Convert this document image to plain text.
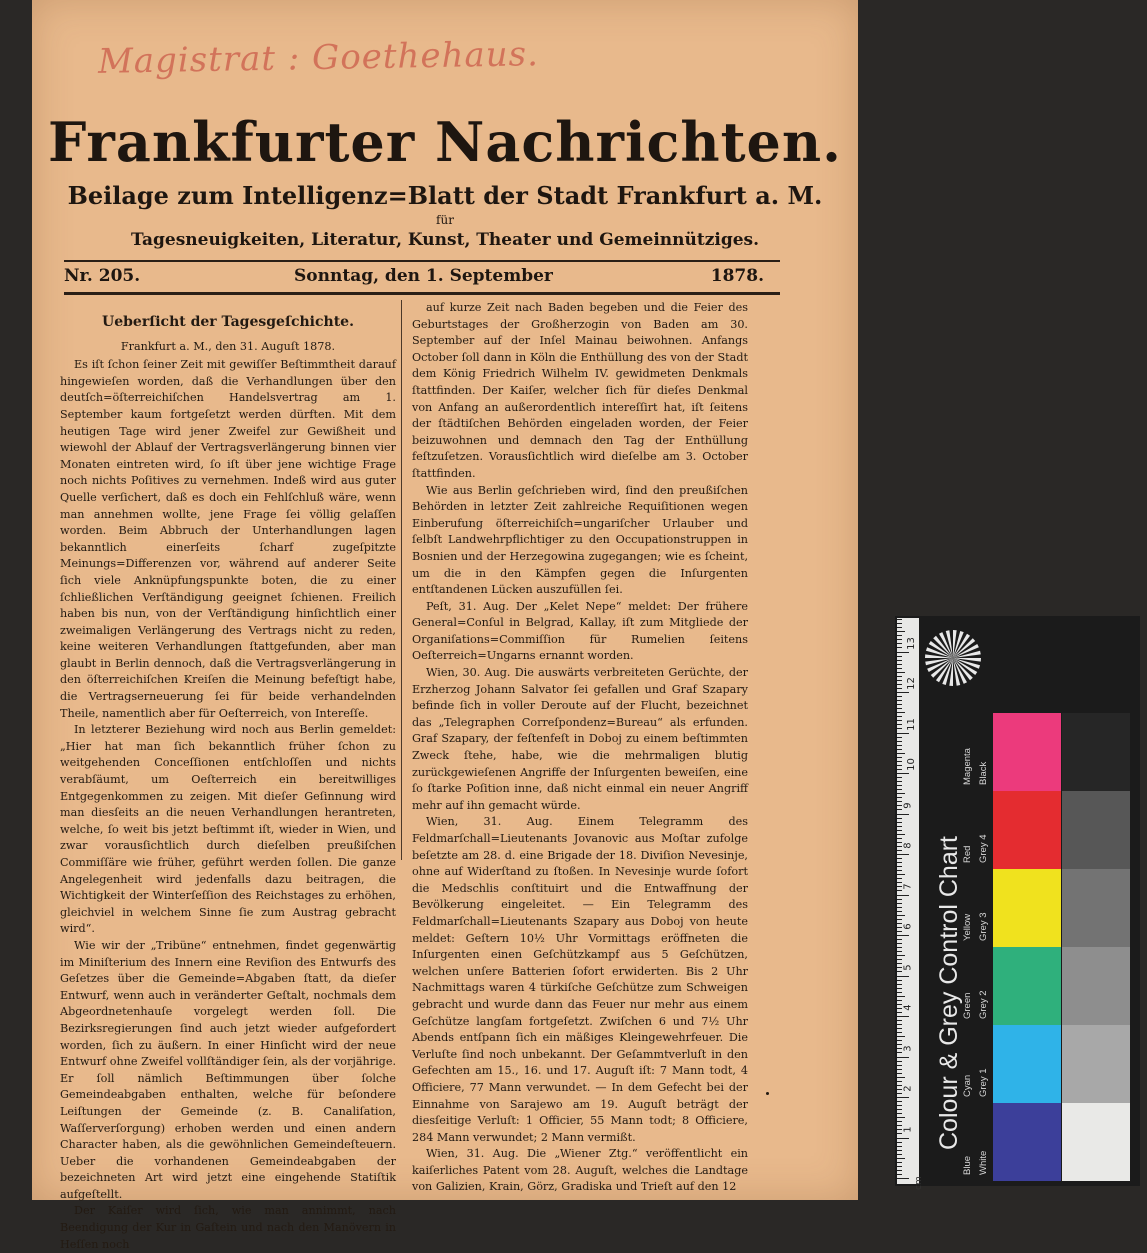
Magistrat : Goethehaus.
Frankfurter Nachrichten.
Beilage zum Intelligenz=Blatt der Stadt Frankfurt a. M.
für
Tagesneuigkeiten, Literatur, Kunst, Theater und Gemeinnütziges.
Nr. 205.	Sonntag, den 1. September	1878.

Ueberſicht der Tagesgeſchichte.

Frankfurt a. M., den 31. Auguſt 1878.

Es iſt ſchon ſeiner Zeit mit gewiſſer Beſtimmtheit darauf hingewieſen worden, daß die Verhandlungen über den deutſch=öſterreichiſchen Handelsvertrag am 1. September kaum fortgeſetzt werden dürften. Mit dem heutigen Tage wird jener Zweifel zur Gewißheit und wiewohl der Ablauf der Vertragsverlängerung binnen vier Monaten eintreten wird, ſo iſt über jene wichtige Frage noch nichts Poſitives zu vernehmen. Indeß wird aus guter Quelle verſichert, daß es doch ein Fehlſchluß wäre, wenn man annehmen wollte, jene Frage ſei völlig gelaſſen worden. Beim Abbruch der Unterhandlungen lagen bekanntlich einerſeits ſcharf zugeſpitzte Meinungs=Differenzen vor, während auf anderer Seite ſich viele Anknüpfungspunkte boten, die zu einer ſchließlichen Verſtändigung geeignet ſchienen. Freilich haben bis nun, von der Verſtändigung hinſichtlich einer zweimaligen Verlängerung des Vertrags nicht zu reden, keine weiteren Verhandlungen ſtattgefunden, aber man glaubt in Berlin dennoch, daß die Vertragsverlängerung in den öſterreichiſchen Kreiſen die Meinung befeſtigt habe, die Vertragserneuerung ſei für beide verhandelnden Theile, namentlich aber für Oeſterreich, von Intereſſe.

In letzterer Beziehung wird noch aus Berlin gemeldet: „Hier hat man ſich bekanntlich früher ſchon zu weitgehenden Conceſſionen entſchloſſen und nichts verabſäumt, um Oeſterreich ein bereitwilliges Entgegenkommen zu zeigen. Mit dieſer Geſinnung wird man diesſeits an die neuen Verhandlungen herantreten, welche, ſo weit bis jetzt beſtimmt iſt, wieder in Wien, und zwar vorausſichtlich durch dieſelben preußiſchen Commiſſäre wie früher, geführt werden ſollen. Die ganze Angelegenheit wird jedenfalls dazu beitragen, die Wichtigkeit der Winterſeſſion des Reichstages zu erhöhen, gleichviel in welchem Sinne ſie zum Austrag gebracht wird“.

Wie wir der „Tribüne“ entnehmen, findet gegenwärtig im Miniſterium des Innern eine Reviſion des Entwurfs des Geſetzes über die Gemeinde=Abgaben ſtatt, da dieſer Entwurf, wenn auch in veränderter Geſtalt, nochmals dem Abgeordnetenhauſe vorgelegt werden ſoll. Die Bezirksregierungen ſind auch jetzt wieder aufgefordert worden, ſich zu äußern. In einer Hinſicht wird der neue Entwurf ohne Zweifel vollſtändiger ſein, als der vorjährige. Er ſoll nämlich Beſtimmungen über ſolche Gemeindeabgaben enthalten, welche für beſondere Leiſtungen der Gemeinde (z. B. Canaliſation, Waſſerverſorgung) erhoben werden und einen andern Character haben, als die gewöhnlichen Gemeindeſteuern. Ueber die vorhandenen Gemeindeabgaben der bezeichneten Art wird jetzt eine eingehende Statiſtik aufgeſtellt.

Der Kaiſer wird ſich, wie man annimmt, nach Beendigung der Kur in Gaſtein und nach den Manövern in Heſſen noch

auf kurze Zeit nach Baden begeben und die Feier des Geburtstages der Großherzogin von Baden am 30. September auf der Inſel Mainau beiwohnen. Anfangs October ſoll dann in Köln die Enthüllung des von der Stadt dem König Friedrich Wilhelm IV. gewidmeten Denkmals ſtattfinden. Der Kaiſer, welcher ſich für dieſes Denkmal von Anfang an außerordentlich intereſſirt hat, iſt ſeitens der ſtädtiſchen Behörden eingeladen worden, der Feier beizuwohnen und demnach den Tag der Enthüllung feſtzuſetzen. Vorausſichtlich wird dieſelbe am 3. October ſtattfinden.

Wie aus Berlin geſchrieben wird, ſind den preußiſchen Behörden in letzter Zeit zahlreiche Requiſitionen wegen Einberufung öſterreichiſch=ungariſcher Urlauber und ſelbſt Landwehrpflichtiger zu den Occupationstruppen in Bosnien und der Herzegowina zugegangen; wie es ſcheint, um die in den Kämpfen gegen die Inſurgenten entſtandenen Lücken auszufüllen ſei.

Peſt, 31. Aug. Der „Kelet Nepe“ meldet: Der frühere General=Conſul in Belgrad, Kallay, iſt zum Mitgliede der Organiſations=Commiſſion für Rumelien ſeitens Oeſterreich=Ungarns ernannt worden.

Wien, 30. Aug. Die auswärts verbreiteten Gerüchte, der Erzherzog Johann Salvator ſei gefallen und Graf Szapary befinde ſich in voller Deroute auf der Flucht, bezeichnet das „Telegraphen Correſpondenz=Bureau“ als erfunden. Graf Szapary, der feſtenfeſt in Doboj zu einem beſtimmten Zweck ſtehe, habe, wie die mehrmaligen blutig zurückgewieſenen Angriffe der Inſurgenten beweiſen, eine ſo ſtarke Poſition inne, daß nicht einmal ein neuer Angriff mehr auf ihn gemacht würde.

Wien, 31. Aug. Einem Telegramm des Feldmarſchall=Lieutenants Jovanovic aus Moſtar zufolge beſetzte am 28. d. eine Brigade der 18. Diviſion Nevesinje, ohne auf Widerſtand zu ſtoßen. In Nevesinje wurde ſofort die Medschlis conſtituirt und die Entwaffnung der Bevölkerung eingeleitet. — Ein Telegramm des Feldmarſchall=Lieutenants Szapary aus Doboj von heute meldet: Geſtern 10½ Uhr Vormittags eröffneten die Inſurgenten einen Geſchützkampf aus 5 Geſchützen, welchen unſere Batterien ſofort erwiderten. Bis 2 Uhr Nachmittags waren 4 türkiſche Geſchütze zum Schweigen gebracht und wurde dann das Feuer nur mehr aus einem Geſchütze langſam fortgeſetzt. Zwiſchen 6 und 7½ Uhr Abends entſpann ſich ein mäßiges Kleingewehrfeuer. Die Verluſte ſind noch unbekannt. Der Geſammtverluſt in den Gefechten am 15., 16. und 17. Auguſt iſt: 7 Mann todt, 4 Officiere, 77 Mann verwundet. — In dem Gefecht bei der Einnahme von Sarajewo am 19. Auguſt beträgt der diesſeitige Verluſt: 1 Officier, 55 Mann todt; 8 Officiere, 284 Mann verwundet; 2 Mann vermißt.

Wien, 31. Aug. Die „Wiener Ztg.“ veröffentlicht ein kaiſerliches Patent vom 28. Auguſt, welches die Landtage von Galizien, Krain, Görz, Gradiska und Trieſt auf den 12

1
2
3
4
5
6
7
8
9
10
11
12
13
Colour & Grey Control Chart
cm
Blue
Cyan
Green
Yellow
Red
Magenta
White
Grey 1
Grey 2
Grey 3
Grey 4
Black
